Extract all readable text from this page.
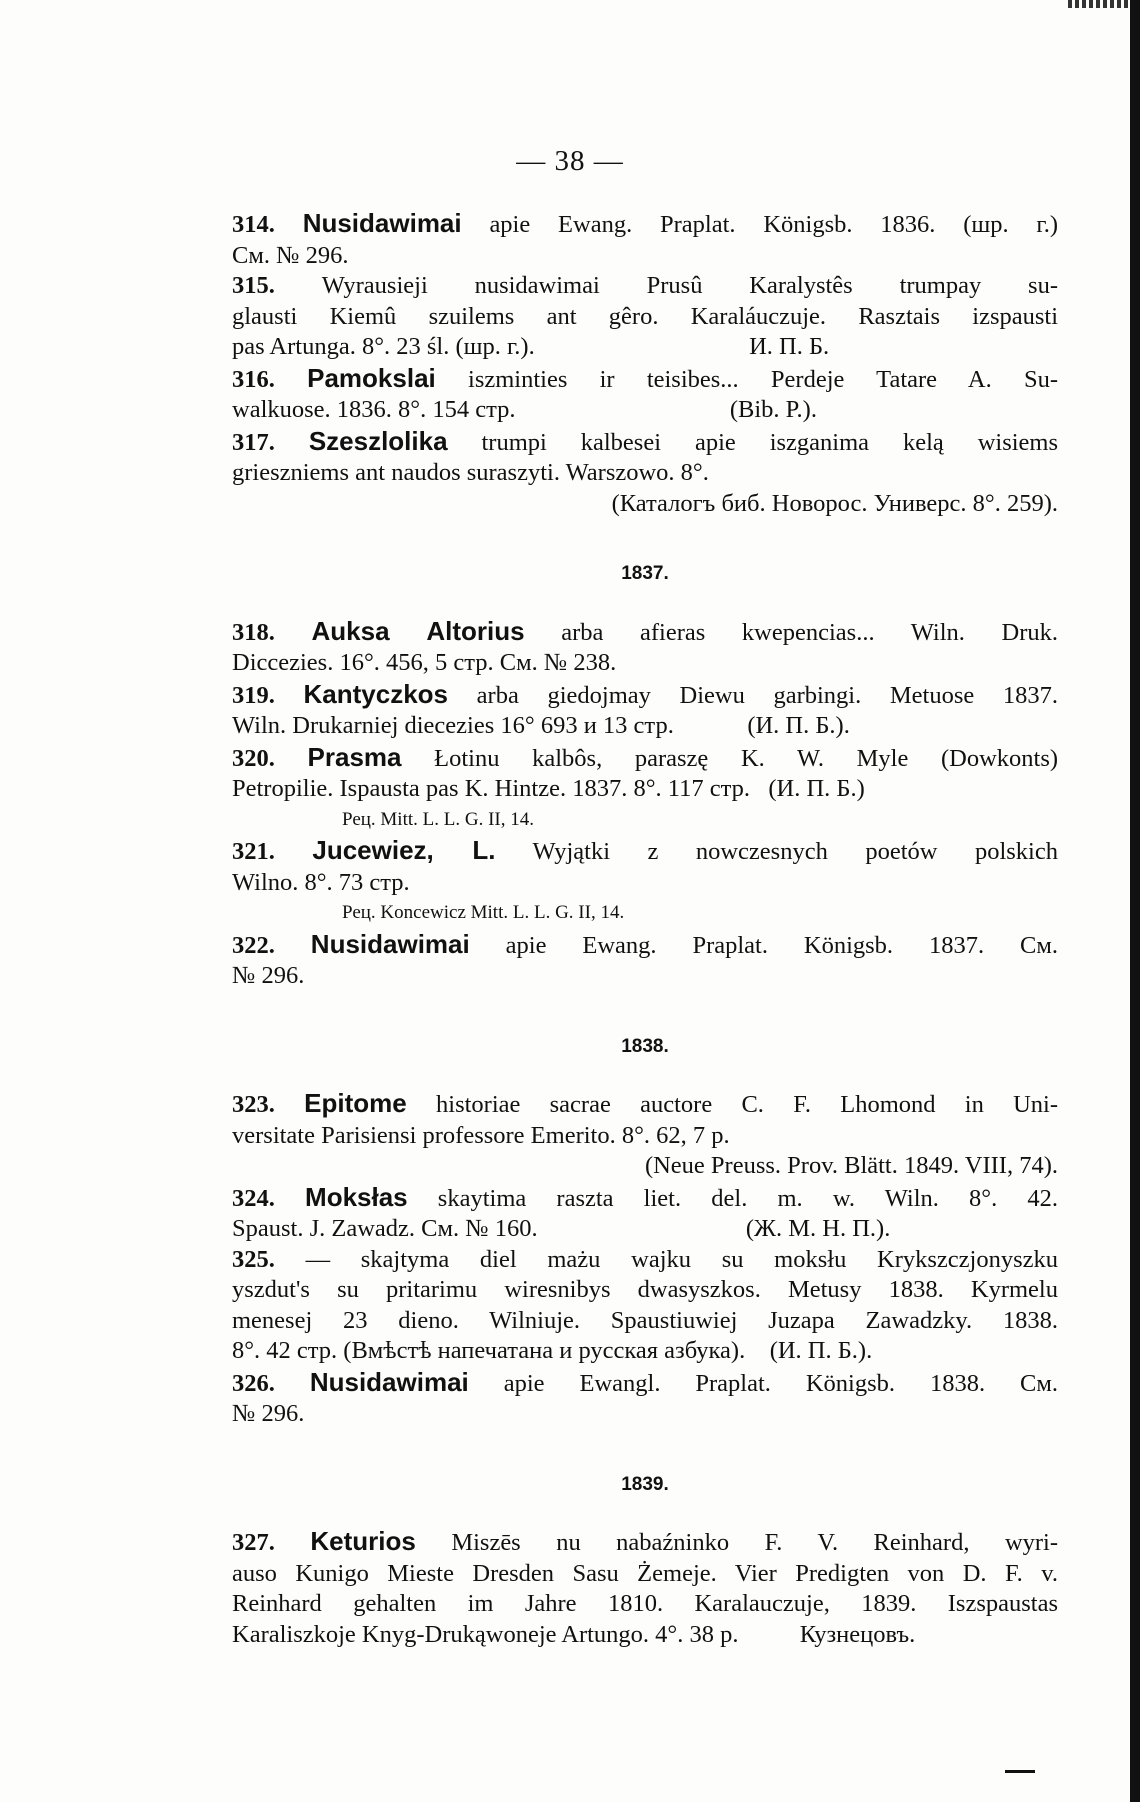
— 38 —
314. Nusidawimai apie Ewang. Praplat. Königsb. 1836. (шр. г.)
См. № 296.
315. Wyrausieji nusidawimai Prusû Karalystês trumpay su-
glausti Kiemû szuilems ant gêro. Karaláuczuje. Rasztais izspausti
pas Artunga. 8°. 23 śl. (шр. г.).                                   И. П. Б.
316. Pamokslai iszminties ir teisibes... Perdeje Tatare A. Su-
walkuose. 1836. 8°. 154 стр.                                   (Bib. P.).
317. Szeszlolika trumpi kalbesei apie iszganima kelą wisiems
grieszniems ant naudos suraszyti. Warszowo. 8°.
(Каталогъ биб. Новорос. Универс. 8°. 259).
1837.
318. Auksa Altorius arba afieras kwepencias... Wiln. Druk.
Diccezies. 16°. 456, 5 стр. См. № 238.
319. Kantyczkos arba giedojmay Diewu garbingi. Metuose 1837.
Wiln. Drukarniej diecezies 16° 693 и 13 стр.            (И. П. Б.).
320. Prasma Łotinu kalbôs, paraszę K. W. Myle (Dowkonts)
Petropilie. Ispausta pas K. Hintze. 1837. 8°. 117 стр.   (И. П. Б.)
Рец. Mitt. L. L. G. II, 14.
321. Jucewiez, L. Wyjątki z nowczesnych poetów polskich
Wilno. 8°. 73 стр.
Рец. Koncewicz Mitt. L. L. G. II, 14.
322. Nusidawimai apie Ewang. Praplat. Königsb. 1837. См.
№ 296.
1838.
323. Epitome historiae sacrae auctore C. F. Lhomond in Uni-
versitate Parisiensi professore Emerito. 8°. 62, 7 p.
(Neue Preuss. Prov. Blätt. 1849. VIII, 74).
324. Moksłas skaytima raszta liet. del. m. w. Wiln. 8°. 42.
Spaust. J. Zawadz. См. № 160.                                  (Ж. М. Н. П.).
325. — skajtyma diel mażu wajku su moksłu Krykszczjonyszku
yszdut's su pritarimu wiresnibys dwasyszkos. Metusy 1838. Kyrmelu
menesej 23 dieno. Wilniuje. Spaustiuwiej Juzapa Zawadzky. 1838.
8°. 42 стр. (Вмѣстѣ напечатана и русская азбука).    (И. П. Б.).
326. Nusidawimai apie Ewangl. Praplat. Königsb. 1838. См.
№ 296.
1839.
327. Keturios Miszēs nu nabaźninko F. V. Reinhard, wyri-
auso Kunigo Mieste Dresden Sasu Żemeje. Vier Predigten von D. F. v.
Reinhard gehalten im Jahre 1810. Karalauczuje, 1839. Iszspaustas
Karaliszkoje Knyg-Drukąwoneje Artungo. 4°. 38 p.          Кузнецовъ.
